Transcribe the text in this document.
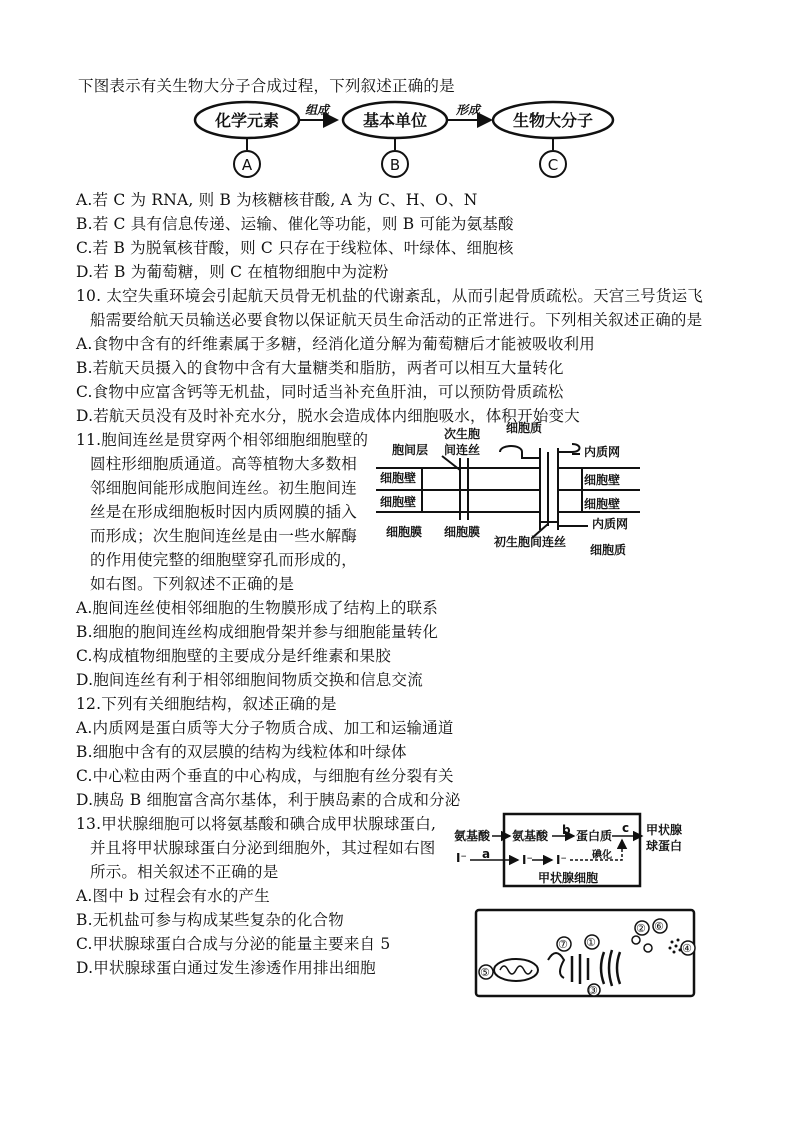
下图表示有关生物大分子合成过程，下列叙述正确的是
化学元素
组成
基本单位
形成
生物大分子
A	B	C
A.若 C 为 RNA, 则 B 为核糖核苷酸, A 为 C、H、O、N
B.若 C 具有信息传递、运输、催化等功能，则 B 可能为氨基酸
C.若 B 为脱氧核苷酸，则 C 只存在于线粒体、叶绿体、细胞核
D.若 B 为葡萄糖，则 C 在植物细胞中为淀粉
10. 太空失重环境会引起航天员骨无机盐的代谢紊乱，从而引起骨质疏松。天宫三号货运飞
船需要给航天员输送必要食物以保证航天员生命活动的正常进行。下列相关叙述正确的是
A.食物中含有的纤维素属于多糖，经消化道分解为葡萄糖后才能被吸收利用
B.若航天员摄入的食物中含有大量糖类和脂肪，两者可以相互大量转化
C.食物中应富含钙等无机盐，同时适当补充鱼肝油，可以预防骨质疏松
D.若航天员没有及时补充水分，脱水会造成体内细胞吸水，体积开始变大
11.胞间连丝是贯穿两个相邻细胞细胞壁的
圆柱形细胞质通道。高等植物大多数相
邻细胞间能形成胞间连丝。初生胞间连
丝是在形成细胞板时因内质网膜的插入
而形成；次生胞间连丝是由一些水解酶
的作用使完整的细胞壁穿孔而形成的，
如右图。下列叙述不正确的是
细胞质
次生胞
间连丝
胞间层	内质网
细胞壁
细胞壁
细胞壁
细胞壁
内质网
细胞膜 细胞膜
初生胞间连丝
细胞质
A.胞间连丝使相邻细胞的生物膜形成了结构上的联系
B.细胞的胞间连丝构成细胞骨架并参与细胞能量转化
C.构成植物细胞壁的主要成分是纤维素和果胶
D.胞间连丝有利于相邻细胞间物质交换和信息交流
12.下列有关细胞结构，叙述正确的是
A.内质网是蛋白质等大分子物质合成、加工和运输通道
B.细胞中含有的双层膜的结构为线粒体和叶绿体
C.中心粒由两个垂直的中心构成，与细胞有丝分裂有关
D.胰岛 B 细胞富含高尔基体，利于胰岛素的合成和分泌
13.甲状腺细胞可以将氨基酸和碘合成甲状腺球蛋白,
并且将甲状腺球蛋白分泌到细胞外，其过程如右图
所示。相关叙述不正确的是
氨基酸 氨基酸 b 蛋白质
c 甲状腺
球蛋白
I⁻ a	I⁻ I⁻	碘化
甲状腺细胞
①
②
③
④
⑤
⑥
⑦
A.图中 b 过程会有水的产生
B.无机盐可参与构成某些复杂的化合物
C.甲状腺球蛋白合成与分泌的能量主要来自 5
D.甲状腺球蛋白通过发生渗透作用排出细胞
